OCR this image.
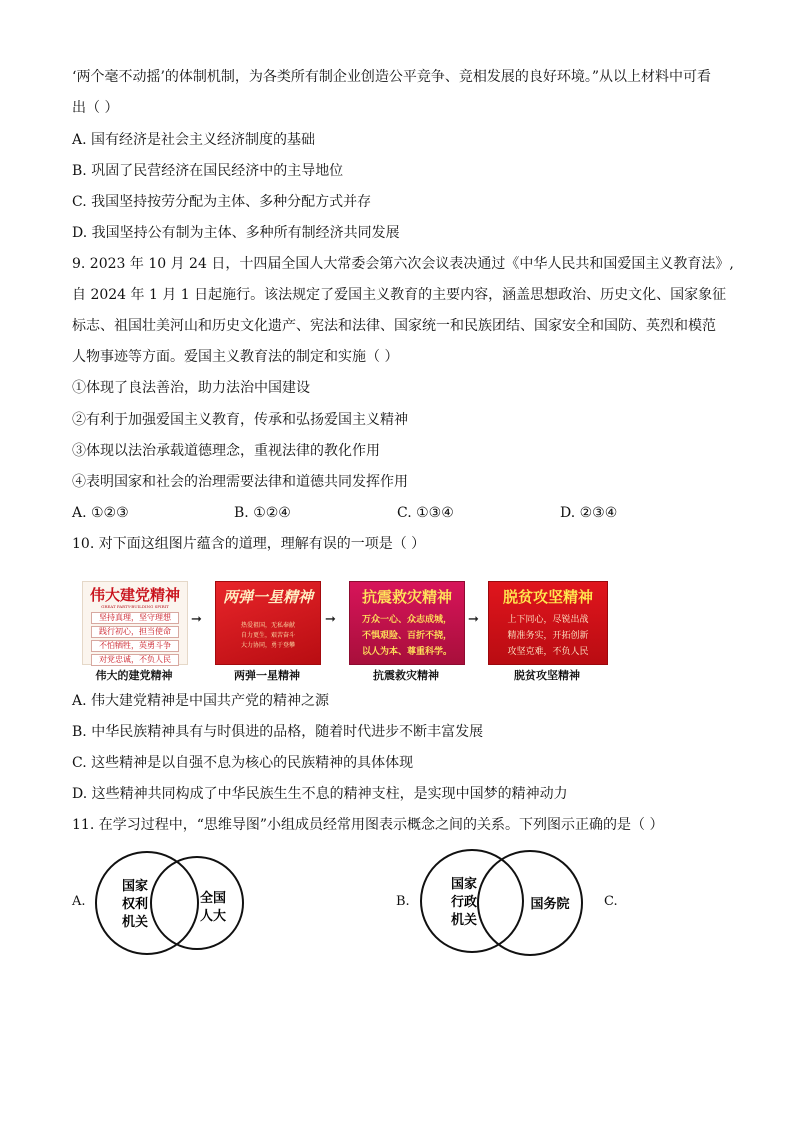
‘两个毫不动摇’的体制机制，为各类所有制企业创造公平竞争、竞相发展的良好环境。”从以上材料中可看
出（ ）
A. 国有经济是社会主义经济制度的基础
B. 巩固了民营经济在国民经济中的主导地位
C. 我国坚持按劳分配为主体、多种分配方式并存
D. 我国坚持公有制为主体、多种所有制经济共同发展
9. 2023 年 10 月 24 日，十四届全国人大常委会第六次会议表决通过《中华人民共和国爱国主义教育法》,
自 2024 年 1 月 1 日起施行。该法规定了爱国主义教育的主要内容，涵盖思想政治、历史文化、国家象征
标志、祖国壮美河山和历史文化遗产、宪法和法律、国家统一和民族团结、国家安全和国防、英烈和模范
人物事迹等方面。爱国主义教育法的制定和实施（ ）
①体现了良法善治，助力法治中国建设
②有利于加强爱国主义教育，传承和弘扬爱国主义精神
③体现以法治承载道德理念，重视法律的教化作用
④表明国家和社会的治理需要法律和道德共同发挥作用
A. ①②③	B. ①②④	C. ①③④	D. ②③④
10. 对下面这组图片蕴含的道理，理解有误的一项是（ ）
伟大建党精神
GREAT PARTY-BUILDING SPIRIT
坚持真理，坚守理想
践行初心，担当使命
不怕牺牲，英勇斗争
对党忠诚，不负人民
➞
两弹一星精神
热爱祖国，无私奉献
自力更生，艰苦奋斗
大力协同，勇于登攀
➞
抗震救灾精神
万众一心、众志成城，
不惧艰险、百折不挠，
以人为本、尊重科学。
➞
脱贫攻坚精神
上下同心，尽锐出战
精准务实，开拓创新
攻坚克难，不负人民
伟大的建党精神	两弹一星精神	抗震救灾精神	脱贫攻坚精神
A. 伟大建党精神是中国共产党的精神之源
B. 中华民族精神具有与时俱进的品格，随着时代进步不断丰富发展
C. 这些精神是以自强不息为核心的民族精神的具体体现
D. 这些精神共同构成了中华民族生生不息的精神支柱，是实现中国梦的精神动力
11. 在学习过程中，“思维导图”小组成员经常用图表示概念之间的关系。下列图示正确的是（ ）
A.
国家
权利
机关
全国
人大
B.
国家
行政
机关
国务院	C.
